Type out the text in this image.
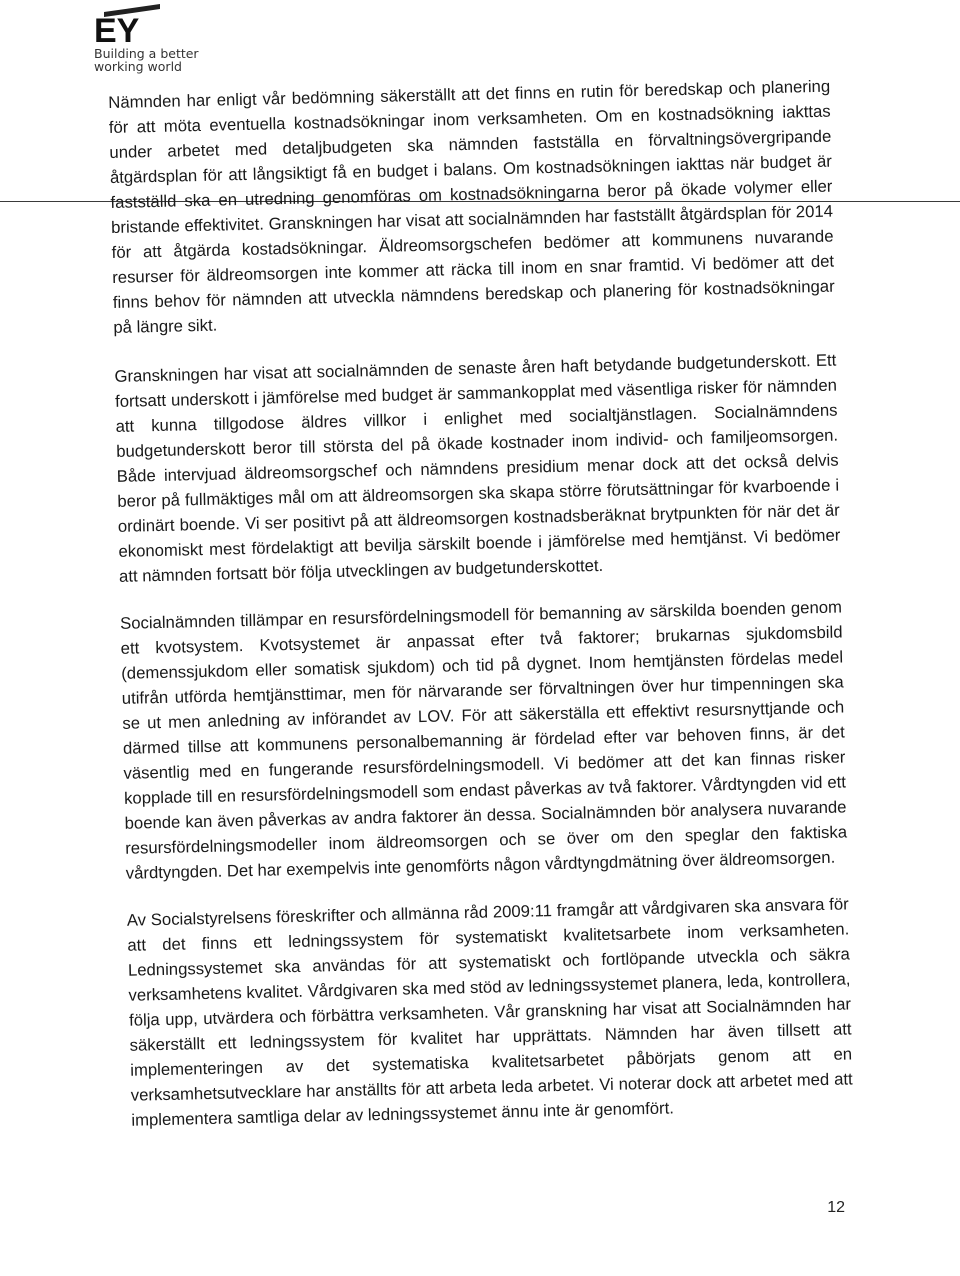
EY
Building a better
working world

Nämnden har enligt vår bedömning säkerställt att det finns en rutin för beredskap och planering för att möta eventuella kostnadsökningar inom verksamheten. Om en kostnadsökning iakttas under arbetet med detaljbudgeten ska nämnden fastställa en förvaltningsövergripande åtgärdsplan för att långsiktigt få en budget i balans. Om kostnadsökningen iakttas när budget är fastställd ska en utredning genomföras om kostnadsökningarna beror på ökade volymer eller bristande effektivitet. Granskningen har visat att socialnämnden har fastställt åtgärdsplan för 2014 för att åtgärda kostadsökningar. Äldreomsorgschefen bedömer att kommunens nuvarande resurser för äldreomsorgen inte kommer att räcka till inom en snar framtid. Vi bedömer att det finns behov för nämnden att utveckla nämndens beredskap och planering för kostnadsökningar på längre sikt.

Granskningen har visat att socialnämnden de senaste åren haft betydande budgetunderskott. Ett fortsatt underskott i jämförelse med budget är sammankopplat med väsentliga risker för nämnden att kunna tillgodose äldres villkor i enlighet med socialtjänstlagen. Socialnämndens budgetunderskott beror till största del på ökade kostnader inom individ- och familjeomsorgen. Både intervjuad äldreomsorgschef och nämndens presidium menar dock att det också delvis beror på fullmäktiges mål om att äldreomsorgen ska skapa större förutsättningar för kvarboende i ordinärt boende. Vi ser positivt på att äldreomsorgen kostnadsberäknat brytpunkten för när det är ekonomiskt mest fördelaktigt att bevilja särskilt boende i jämförelse med hemtjänst. Vi bedömer att nämnden fortsatt bör följa utvecklingen av budgetunderskottet.

Socialnämnden tillämpar en resursfördelningsmodell för bemanning av särskilda boenden genom ett kvotsystem. Kvotsystemet är anpassat efter två faktorer; brukarnas sjukdomsbild (demenssjukdom eller somatisk sjukdom) och tid på dygnet. Inom hemtjänsten fördelas medel utifrån utförda hemtjänsttimar, men för närvarande ser förvaltningen över hur timpenningen ska se ut men anledning av införandet av LOV. För att säkerställa ett effektivt resursnyttjande och därmed tillse att kommunens personalbemanning är fördelad efter var behoven finns, är det väsentlig med en fungerande resursfördelningsmodell. Vi bedömer att det kan finnas risker kopplade till en resursfördelningsmodell som endast påverkas av två faktorer. Vårdtyngden vid ett boende kan även påverkas av andra faktorer än dessa. Socialnämnden bör analysera nuvarande resursfördelningsmodeller inom äldreomsorgen och se över om den speglar den faktiska vårdtyngden. Det har exempelvis inte genomförts någon vårdtyngdmätning över äldreomsorgen.

Av Socialstyrelsens föreskrifter och allmänna råd 2009:11 framgår att vårdgivaren ska ansvara för att det finns ett ledningssystem för systematiskt kvalitetsarbete inom verksamheten. Ledningssystemet ska användas för att systematiskt och fortlöpande utveckla och säkra verksamhetens kvalitet. Vårdgivaren ska med stöd av ledningssystemet planera, leda, kontrollera, följa upp, utvärdera och förbättra verksamheten. Vår granskning har visat att Socialnämnden har säkerställt ett ledningssystem för kvalitet har upprättats. Nämnden har även tillsett att implementeringen av det systematiska kvalitetsarbetet påbörjats genom att en verksamhetsutvecklare har anställts för att arbeta leda arbetet. Vi noterar dock att arbetet med att implementera samtliga delar av ledningssystemet ännu inte är genomfört.

12
